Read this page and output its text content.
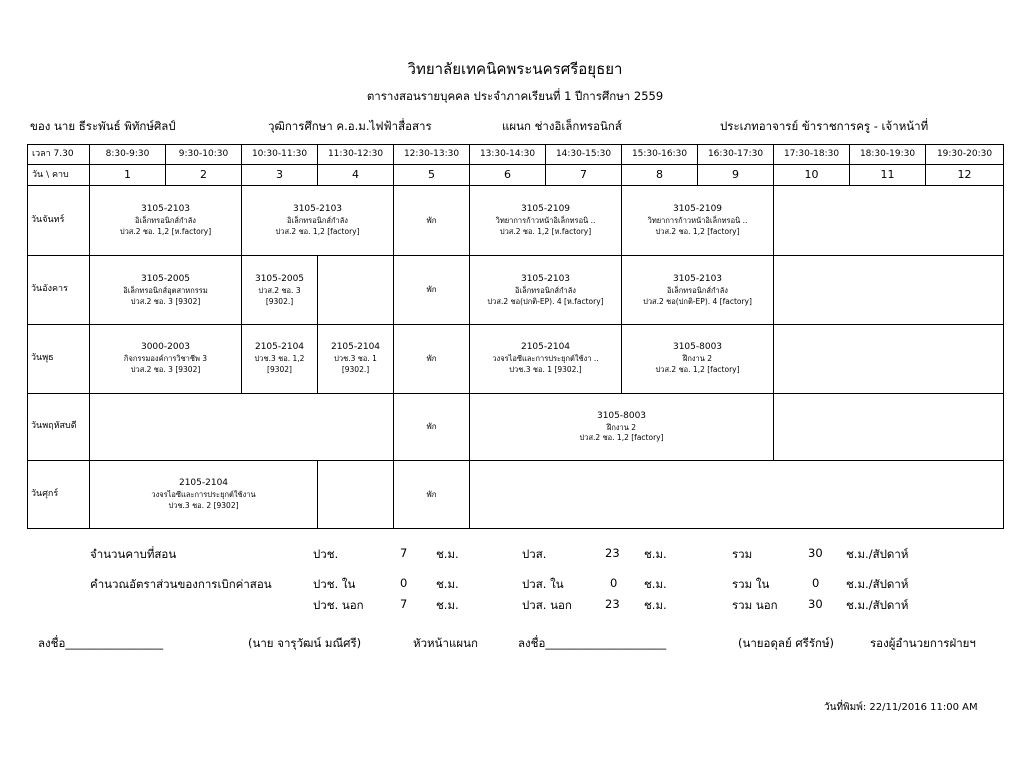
วิทยาลัยเทคนิคพระนครศรีอยุธยา
ตารางสอนรายบุคคล ประจำภาคเรียนที่ 1 ปีการศึกษา 2559
ของ นาย ธีระพันธ์ พิทักษ์ศิลป์	วุฒิการศึกษา ค.อ.ม.ไฟฟ้าสื่อสาร	แผนก ช่างอิเล็กทรอนิกส์	ประเภทอาจารย์ ข้าราชการครู - เจ้าหน้าที่
เวลา 7.30	8:30-9:30	9:30-10:30	10:30-11:30	11:30-12:30	12:30-13:30	13:30-14:30	14:30-15:30	15:30-16:30	16:30-17:30	17:30-18:30	18:30-19:30	19:30-20:30
วัน \ คาบ	1	2	3	4	5	6	7	8	9	10	11	12
วันจันทร์	3105-2103
อิเล็กทรอนิกส์กำลัง
ปวส.2 ชอ. 1,2 [ห.factory]		3105-2103
อิเล็กทรอนิกส์กำลัง
ปวส.2 ชอ. 1,2 [factory]		พัก	3105-2109
วิทยาการก้าวหน้าอิเล็กทรอนิ ..
ปวส.2 ชอ. 1,2 [ห.factory]		3105-2109
วิทยาการก้าวหน้าอิเล็กทรอนิ ..
ปวส.2 ชอ. 1,2 [factory]				

วันอังคาร	3105-2005
อิเล็กทรอนิกส์อุตสาหกรรม
ปวส.2 ชอ. 3 [9302]		3105-2005
ปวส.2 ชอ. 3
[9302.]		พัก	3105-2103
อิเล็กทรอนิกส์กำลัง
ปวส.2 ชอ(ปกติ-EP). 4 [ห.factory]		3105-2103
อิเล็กทรอนิกส์กำลัง
ปวส.2 ชอ(ปกติ-EP). 4 [factory]				

วันพุธ	3000-2003
กิจกรรมองค์การวิชาชีพ 3
ปวส.2 ชอ. 3 [9302]		2105-2104
ปวช.3 ชอ. 1,2
[9302]	2105-2104
ปวช.3 ชอ. 1
[9302.]	พัก	2105-2104
วงจรไอซีและการประยุกต์ใช้งา ..
ปวช.3 ชอ. 1 [9302.]		3105-8003
ฝึกงาน 2
ปวส.2 ชอ. 1,2 [factory]				

วันพฤหัสบดี					พัก	3105-8003
ฝึกงาน 2
ปวส.2 ชอ. 1,2 [factory]						

วันศุกร์	2105-2104
วงจรไอซีและการประยุกต์ใช้งาน
ปวช.3 ชอ. 2 [9302]				พัก							
จำนวนคาบที่สอน
คำนวณอัตราส่วนของการเบิกค่าสอน
ปวช.	7 ช.ม.	ปวส.	23 ช.ม.	รวม	30 ช.ม./สัปดาห์
ปวช. ใน	0 ช.ม.	ปวส. ใน	0 ช.ม.	รวม ใน	0 ช.ม./สัปดาห์
ปวช. นอก	7 ช.ม.	ปวส. นอก	23 ช.ม.	รวม นอก	30 ช.ม./สัปดาห์
ลงชื่อ_________________	(นาย จารุวัฒน์ มณีศรี)	หัวหน้าแผนก	ลงชื่อ_____________________	(นายอดุลย์ ศรีรักษ์)	รองผู้อำนวยการฝ่ายฯ
วันที่พิมพ์: 22/11/2016 11:00 AM
